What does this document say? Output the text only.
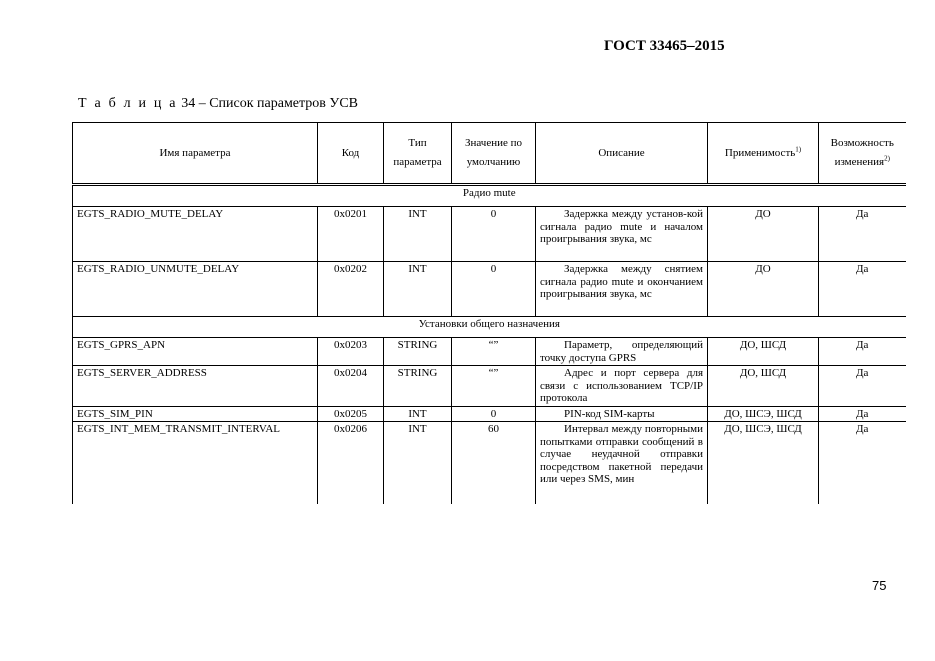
ГОСТ 33465–2015
Т а б л и ц а 34 – Список параметров УСВ
Имя параметра	Код	Тип параметра	Значение по умолчанию	Описание	Применимость$^{1)}$	Возможность изменения$^{2)}$
Радио mute						
EGTS_RADIO_MUTE_DELAY	0x0201	INT	0	Задержка между установ-кой сигнала радио mute и началом проигрывания звука, мс	ДО	Да
EGTS_RADIO_UNMUTE_DELAY	0x0202	INT	0	Задержка между снятием сигнала радио mute и окончанием проигрывания звука, мс	ДО	Да
Установки общего назначения						
EGTS_GPRS_APN	0x0203	STRING	“”	Параметр, определяющий точку доступа GPRS	ДО, ШСД	Да
EGTS_SERVER_ADDRESS	0x0204	STRING	“”	Адрес и порт сервера для связи с использованием TCP/IP протокола	ДО, ШСД	Да
EGTS_SIM_PIN	0x0205	INT	0	PIN-код SIM-карты	ДО, ШСЭ, ШСД	Да
EGTS_INT_MEM_TRANSMIT_INTERVAL	0x0206	INT	60	Интервал между повторными попытками отправки сообщений в случае неудачной отправки посредством пакетной передачи или через SMS, мин	ДО, ШСЭ, ШСД	Да
75
